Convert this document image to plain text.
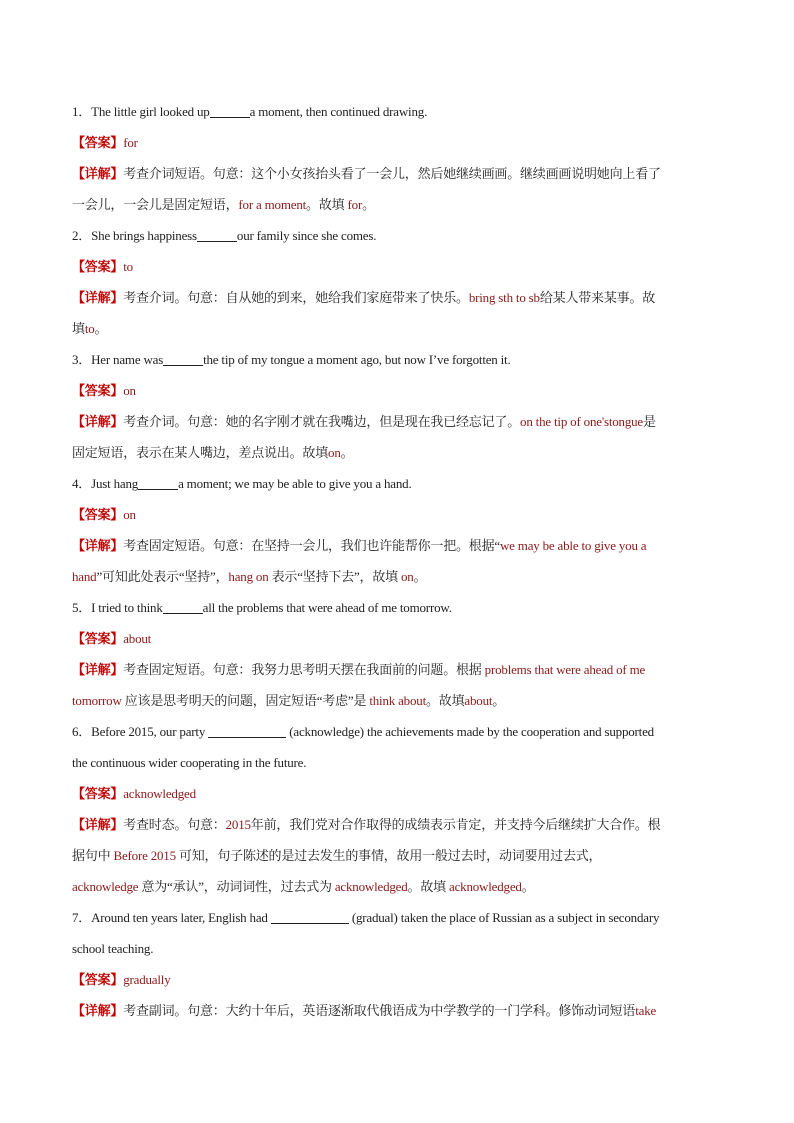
1．The little girl looked up	a moment, then continued drawing.
【答案】for
【详解】考查介词短语。句意：这个小女孩抬头看了一会儿，然后她继续画画。继续画画说明她向上看了
一会儿，一会儿是固定短语，for a moment。故填 for。
2．She brings happiness	our family since she comes.
【答案】to
【详解】考查介词。句意：自从她的到来，她给我们家庭带来了快乐。bring sth to sb给某人带来某事。故
填to。
3．Her name was	the tip of my tongue a moment ago, but now I’ve forgotten it.
【答案】on
【详解】考查介词。句意：她的名字刚才就在我嘴边，但是现在我已经忘记了。on the tip of one'stongue是
固定短语，表示在某人嘴边，差点说出。故填on。
4．Just hang	a moment; we may be able to give you a hand.
【答案】on
【详解】考查固定短语。句意：在坚持一会儿，我们也许能帮你一把。根据“we may be able to give you a
hand”可知此处表示“坚持”，hang on 表示“坚持下去”，故填 on。
5．I tried to think	all the problems that were ahead of me tomorrow.
【答案】about
【详解】考查固定短语。句意：我努力思考明天摆在我面前的问题。根据 problems that were ahead of me
tomorrow 应该是思考明天的问题，固定短语“考虑”是 think about。故填about。
6．Before 2015, our party	(acknowledge) the achievements made by the cooperation and supported
the continuous wider cooperating in the future.
【答案】acknowledged
【详解】考查时态。句意：2015年前，我们党对合作取得的成绩表示肯定，并支持今后继续扩大合作。根
据句中 Before 2015 可知，句子陈述的是过去发生的事情，故用一般过去时，动词要用过去式，
acknowledge 意为“承认”，动词词性，过去式为 acknowledged。故填 acknowledged。
7．Around ten years later, English had	(gradual) taken the place of Russian as a subject in secondary
school teaching.
【答案】gradually
【详解】考查副词。句意：大约十年后，英语逐渐取代俄语成为中学教学的一门学科。修饰动词短语take
